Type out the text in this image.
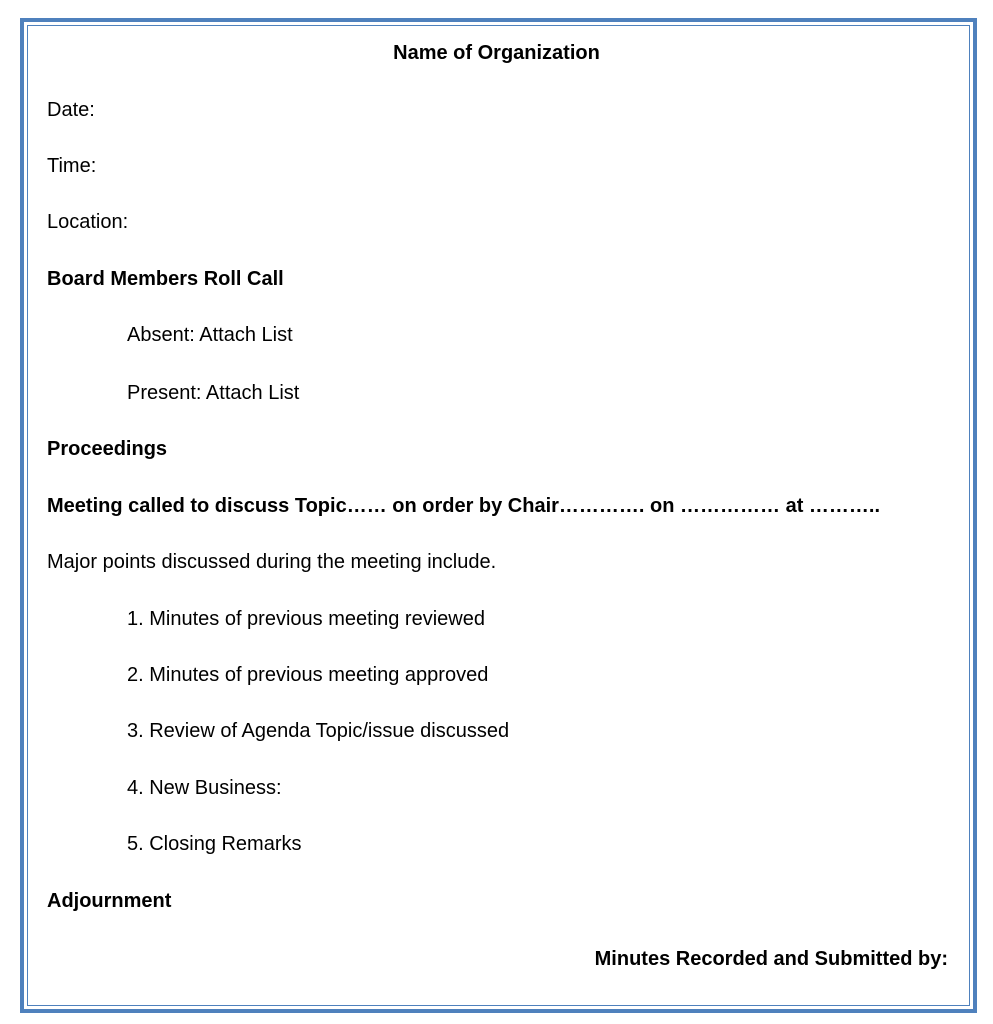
Name of Organization
Date:
Time:
Location:
Board Members Roll Call
Absent: Attach List
Present: Attach List
Proceedings
Meeting called to discuss Topic…… on order by Chair…………. on …………… at ………..
Major points discussed during the meeting include.
1. Minutes of previous meeting reviewed
2. Minutes of previous meeting approved
3. Review of Agenda Topic/issue discussed
4. New Business:
5. Closing Remarks
Adjournment
Minutes Recorded and Submitted by:
